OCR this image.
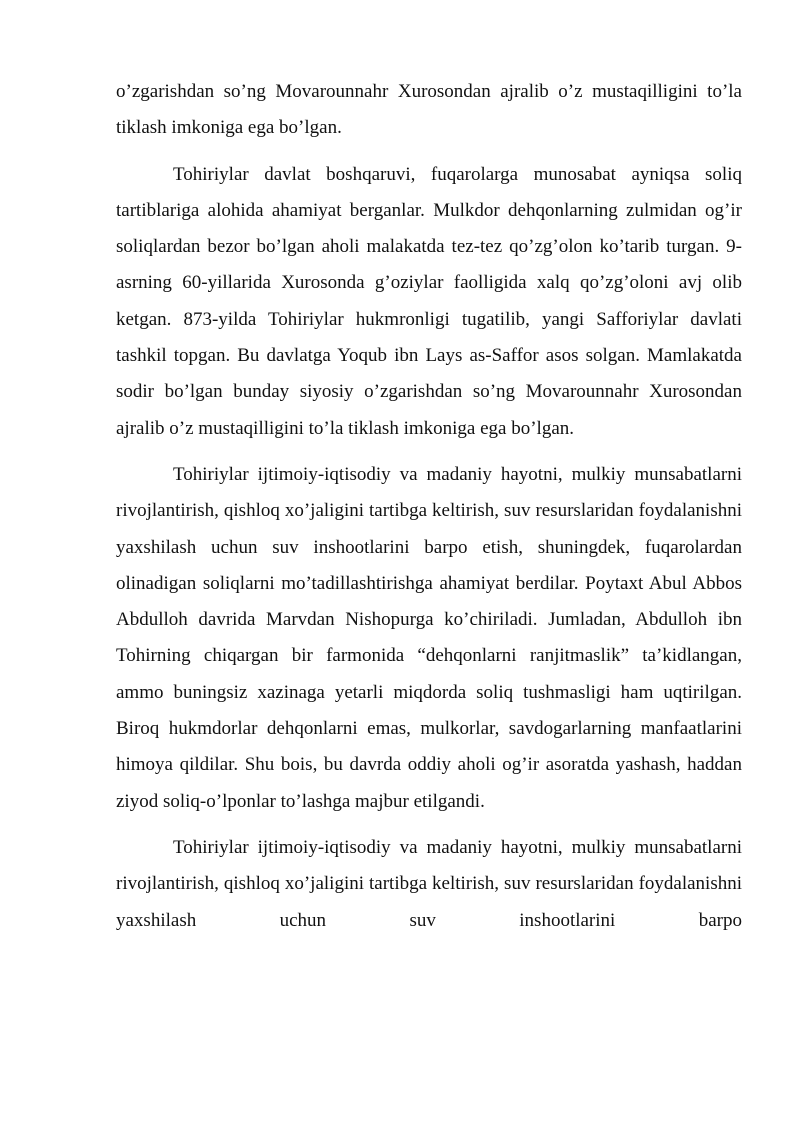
o’zgarishdan so’ng Movarounnahr Xurosondan ajralib o’z mustaqilligini to’la tiklash imkoniga ega bo’lgan.

Tohiriylar davlat boshqaruvi, fuqarolarga munosabat ayniqsa soliq tartiblariga alohida ahamiyat berganlar. Mulkdor dehqonlarning zulmidan og’ir soliqlardan bezor bo’lgan aholi malakatda tez-tez qo’zg’olon ko’tarib turgan. 9-asrning 60-yillarida Xurosonda g’oziylar faolligida xalq qo’zg’oloni avj olib ketgan. 873-yilda Tohiriylar hukmronligi tugatilib, yangi Safforiylar davlati tashkil topgan. Bu davlatga Yoqub ibn Lays as-Saffor asos solgan. Mamlakatda sodir bo’lgan bunday siyosiy o’zgarishdan so’ng Movarounnahr Xurosondan ajralib o’z mustaqilligini to’la tiklash imkoniga ega bo’lgan.

Tohiriylar ijtimoiy-iqtisodiy va madaniy hayotni, mulkiy munsabatlarni rivojlantirish, qishloq xo’jaligini tartibga keltirish, suv resurslaridan foydalanishni yaxshilash uchun suv inshootlarini barpo etish, shuningdek, fuqarolardan olinadigan soliqlarni mo’tadillashtirishga ahamiyat berdilar. Poytaxt Abul Abbos Abdulloh davrida Marvdan Nishopurga ko’chiriladi. Jumladan, Abdulloh ibn Tohirning chiqargan bir farmonida “dehqonlarni ranjitmaslik” ta’kidlangan, ammo buningsiz xazinaga yetarli miqdorda soliq tushmasligi ham uqtirilgan. Biroq hukmdorlar dehqonlarni emas, mulkorlar, savdogarlarning manfaatlarini himoya qildilar. Shu bois, bu davrda oddiy aholi og’ir asoratda yashash, haddan ziyod soliq-o’lponlar to’lashga majbur etilgandi.

Tohiriylar ijtimoiy-iqtisodiy va madaniy hayotni, mulkiy munsabatlarni rivojlantirish, qishloq xo’jaligini tartibga keltirish, suv resurslaridan foydalanishni yaxshilash uchun suv inshootlarini barpo
